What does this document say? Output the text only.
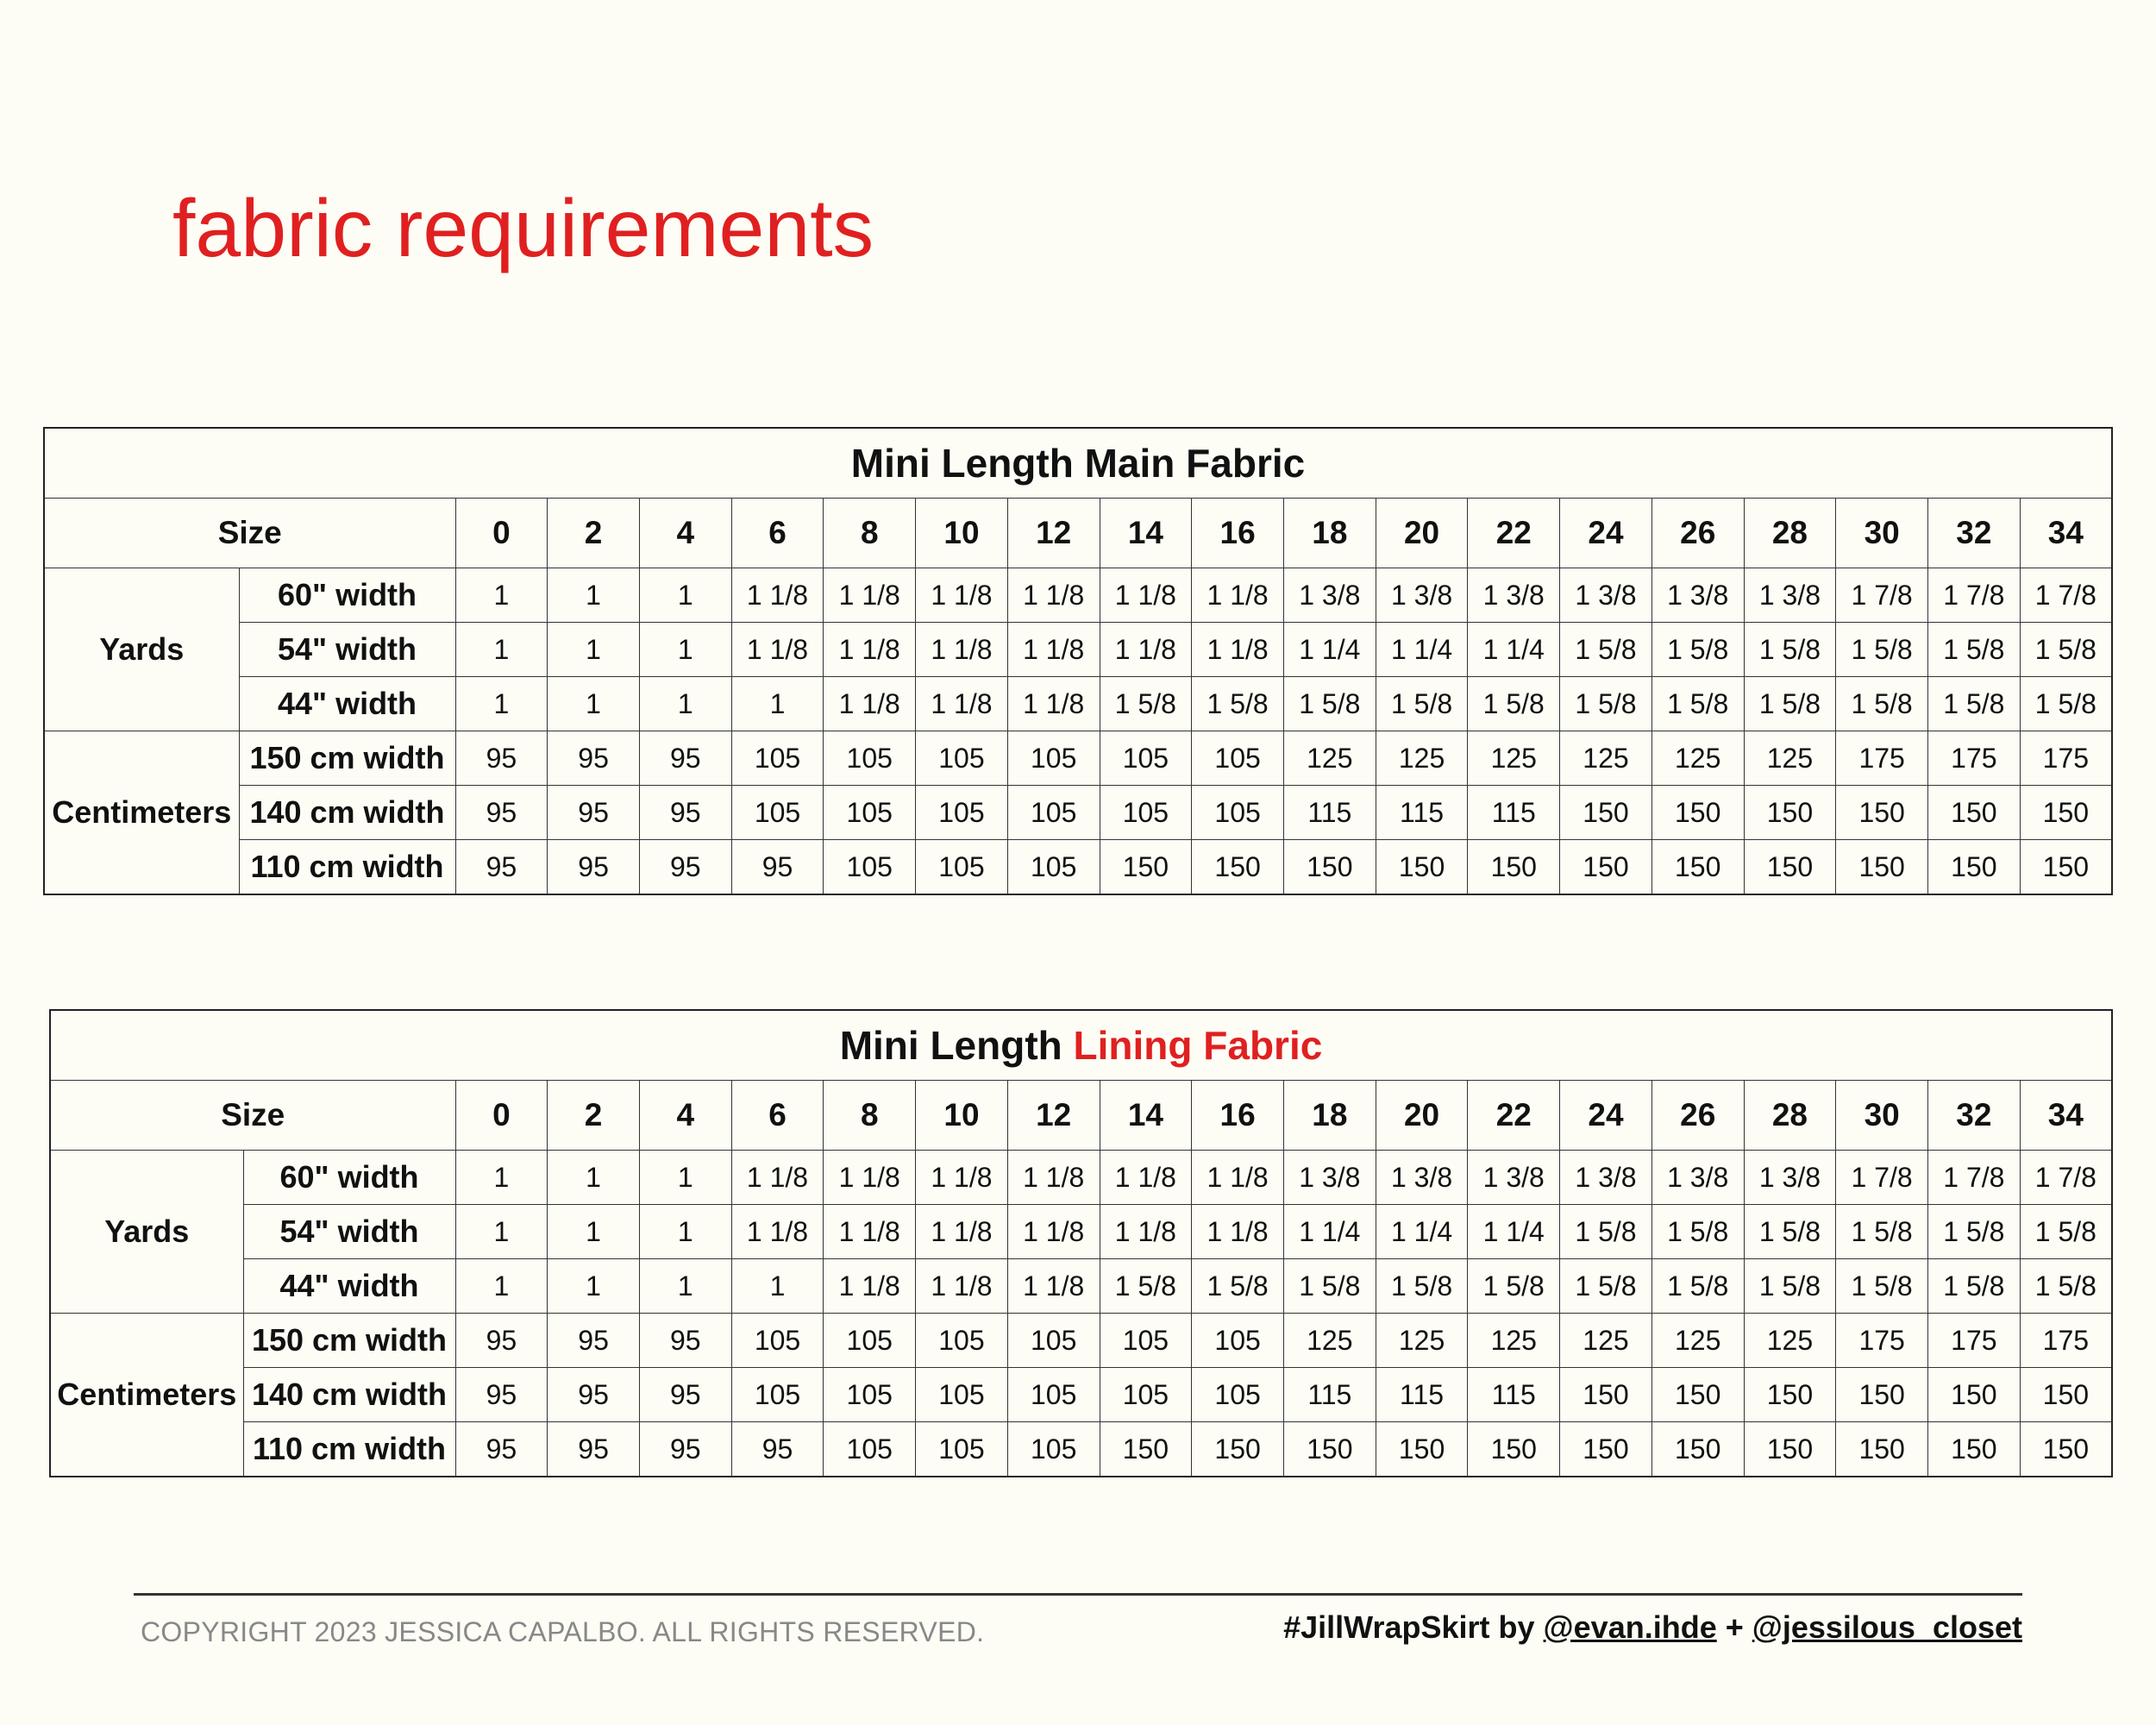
fabric requirements
Mini Length Main Fabric																			
Size		0	2	4	6	8	10	12	14	16	18	20	22	24	26	28	30	32	34
Yards	60" width	1	1	1	1 1/8	1 1/8	1 1/8	1 1/8	1 1/8	1 1/8	1 3/8	1 3/8	1 3/8	1 3/8	1 3/8	1 3/8	1 7/8	1 7/8	1 7/8
	54" width	1	1	1	1 1/8	1 1/8	1 1/8	1 1/8	1 1/8	1 1/8	1 1/4	1 1/4	1 1/4	1 5/8	1 5/8	1 5/8	1 5/8	1 5/8	1 5/8
	44" width	1	1	1	1	1 1/8	1 1/8	1 1/8	1 5/8	1 5/8	1 5/8	1 5/8	1 5/8	1 5/8	1 5/8	1 5/8	1 5/8	1 5/8	1 5/8
Centimeters	150 cm width	95	95	95	105	105	105	105	105	105	125	125	125	125	125	125	175	175	175
	140 cm width	95	95	95	105	105	105	105	105	105	115	115	115	150	150	150	150	150	150
	110 cm width	95	95	95	95	105	105	105	150	150	150	150	150	150	150	150	150	150	150
Mini Length Lining Fabric																			
Size		0	2	4	6	8	10	12	14	16	18	20	22	24	26	28	30	32	34
Yards	60" width	1	1	1	1 1/8	1 1/8	1 1/8	1 1/8	1 1/8	1 1/8	1 3/8	1 3/8	1 3/8	1 3/8	1 3/8	1 3/8	1 7/8	1 7/8	1 7/8
	54" width	1	1	1	1 1/8	1 1/8	1 1/8	1 1/8	1 1/8	1 1/8	1 1/4	1 1/4	1 1/4	1 5/8	1 5/8	1 5/8	1 5/8	1 5/8	1 5/8
	44" width	1	1	1	1	1 1/8	1 1/8	1 1/8	1 5/8	1 5/8	1 5/8	1 5/8	1 5/8	1 5/8	1 5/8	1 5/8	1 5/8	1 5/8	1 5/8
Centimeters	150 cm width	95	95	95	105	105	105	105	105	105	125	125	125	125	125	125	175	175	175
	140 cm width	95	95	95	105	105	105	105	105	105	115	115	115	150	150	150	150	150	150
	110 cm width	95	95	95	95	105	105	105	150	150	150	150	150	150	150	150	150	150	150
COPYRIGHT 2023 JESSICA CAPALBO. ALL RIGHTS RESERVED.	#JillWrapSkirt by @evan.ihde + @jessilous_closet
